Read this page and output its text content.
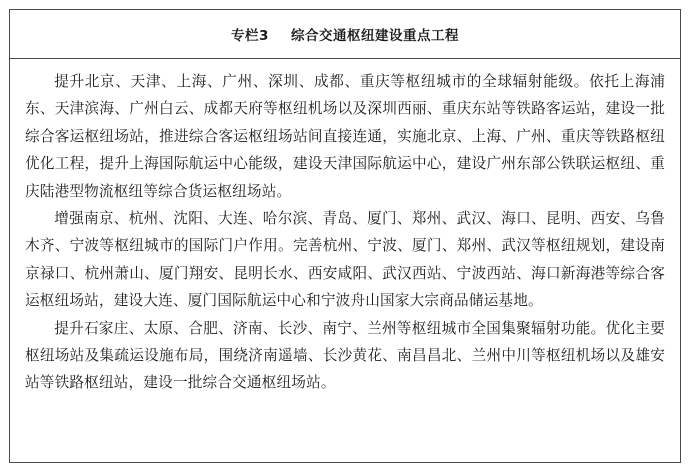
专栏3 综合交通枢纽建设重点工程

提升北京、天津、上海、广州、深圳、成都、重庆等枢纽城市的全球辐射能级。依托上海浦东、天津滨海、广州白云、成都天府等枢纽机场以及深圳西丽、重庆东站等铁路客运站，建设一批综合客运枢纽场站，推进综合客运枢纽场站间直接连通，实施北京、上海、广州、重庆等铁路枢纽优化工程，提升上海国际航运中心能级，建设天津国际航运中心，建设广州东部公铁联运枢纽、重庆陆港型物流枢纽等综合货运枢纽场站。

增强南京、杭州、沈阳、大连、哈尔滨、青岛、厦门、郑州、武汉、海口、昆明、西安、乌鲁木齐、宁波等枢纽城市的国际门户作用。完善杭州、宁波、厦门、郑州、武汉等枢纽规划，建设南京禄口、杭州萧山、厦门翔安、昆明长水、西安咸阳、武汉西站、宁波西站、海口新海港等综合客运枢纽场站，建设大连、厦门国际航运中心和宁波舟山国家大宗商品储运基地。

提升石家庄、太原、合肥、济南、长沙、南宁、兰州等枢纽城市全国集聚辐射功能。优化主要枢纽场站及集疏运设施布局，围绕济南遥墙、长沙黄花、南昌昌北、兰州中川等枢纽机场以及雄安站等铁路枢纽站，建设一批综合交通枢纽场站。
